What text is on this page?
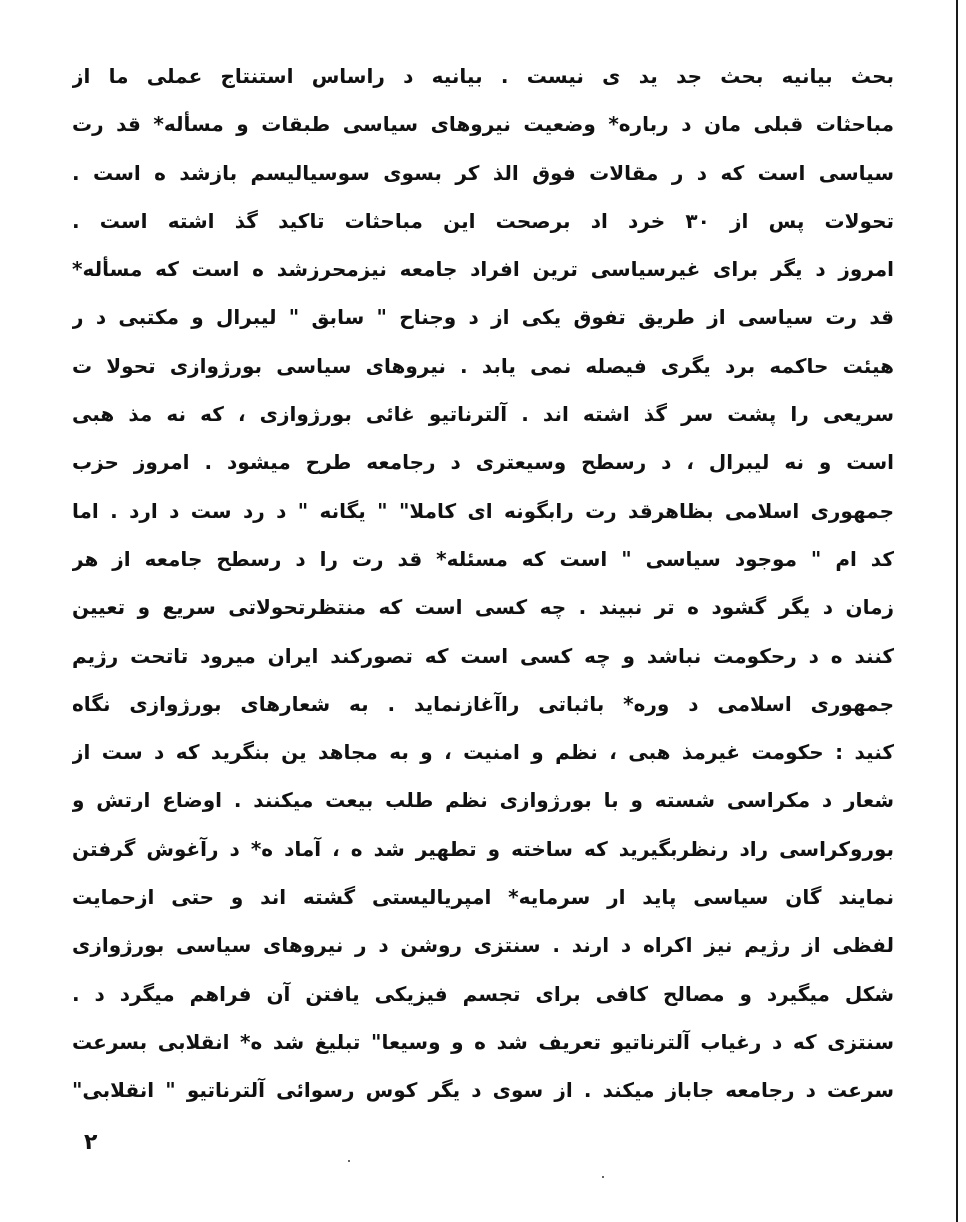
بحث بيانيه بحث جد يد ى نيست . بيانيه د راساس استنتاج عملى ما از
مباحثات قبلى مان د رباره* وضعيت نيروهاى سياسى طبقات و مسأله* قد رت
سياسى است كه د ر مقالات فوق الذ كر بسوى سوسياليسم بازشد ه است .
تحولات پس از ۳۰ خرد اد برصحت اين مباحثات تاكيد گذ اشته است .
امروز د يگر براى غيرسياسى ترين افراد جامعه نيزمحرزشد ه است كه مسأله*
قد رت سياسى از طريق تفوق يكى از د وجناح " سابق " ليبرال و مكتبى د ر
هيئت حاكمه برد يگرى فيصله نمى يابد . نيروهاى سياسى بورژوازى تحولا ت
سريعى را پشت سر گذ اشته اند . آلترناتيو غائى بورژوازى ، كه نه مذ هبى
است و نه ليبرال ، د رسطح وسيعترى د رجامعه طرح ميشود . امروز حزب
جمهورى اسلامى بظاهرقد رت رابگونه اى كاملا" " يگانه " د رد ست د ارد . اما
كد ام " موجود سياسى " است كه مسئله* قد رت را د رسطح جامعه از هر
زمان د يگر گشود ه تر نبيند . چه كسى است كه منتظرتحولاتى سريع و تعيين
كنند ه د رحكومت نباشد و چه كسى است كه تصورکند ايران ميرود تاتحت رژيم
جمهورى اسلامى د وره* باثباتى راآغازنمايد . به شعارهاى بورژوازى نگاه
كنيد : حكومت غيرمذ هبى ، نظم و امنيت ، و به مجاهد ين بنگريد كه د ست از
شعار د مكراسى شسته و با بورژوازى نظم طلب بيعت ميكنند . اوضاع ارتش و
بوروكراسى راد رنظربگيريد كه ساخته و تطهير شد ه ، آماد ه* د رآغوش گرفتن
نمايند گان سياسى پايد ار سرمايه* امپرياليستى گشته اند و حتى ازحمايت
لفظى از رژيم نيز اكراه د ارند . سنتزى روشن د ر نيروهاى سياسى بورژوازى
شكل ميگيرد و مصالح كافى براى تجسم فيزيكى يافتن آن فراهم ميگرد د .
سنتزى كه د رغياب آلترناتيو تعريف شد ه و وسيعا" تبليغ شد ه* انقلابى بسرعت
سرعت د رجامعه جاباز ميكند . از سوى د يگر كوس رسوائى آلترناتيو " انقلابى"
۲
